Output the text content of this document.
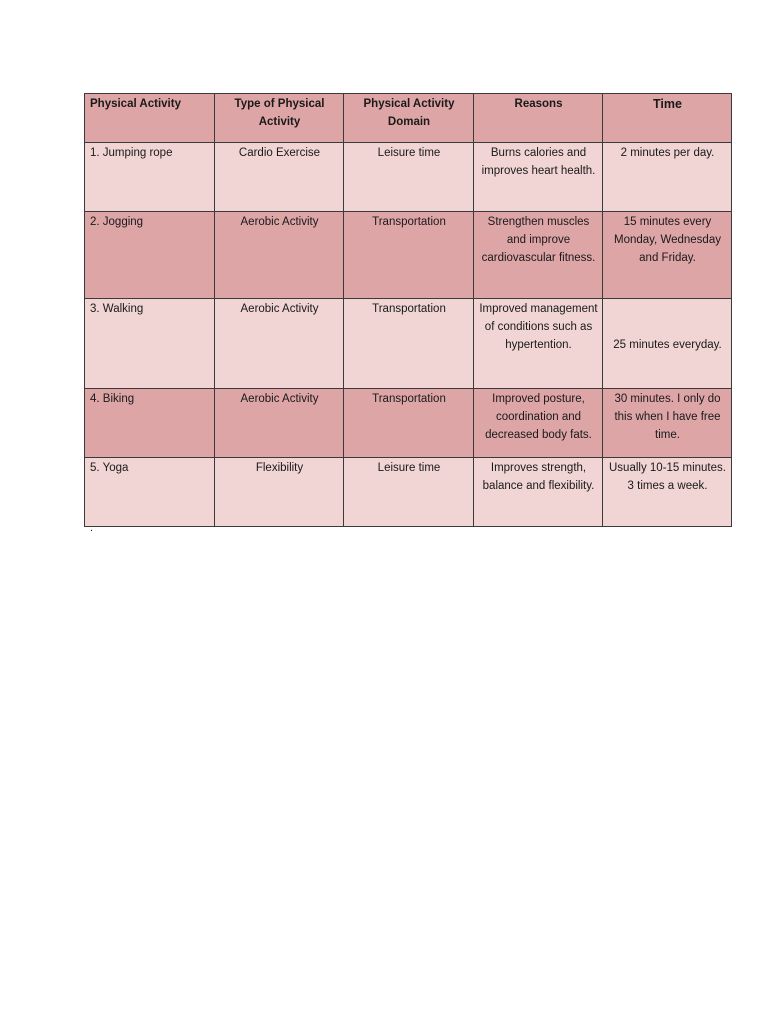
Physical Activity	Type of Physical Activity	Physical Activity Domain	Reasons	Time
1. Jumping rope	Cardio Exercise	Leisure time	Burns calories and improves heart health.	2 minutes per day.
2. Jogging	Aerobic Activity	Transportation	Strengthen muscles and improve cardiovascular fitness.	15 minutes every Monday, Wednesday and Friday.
3. Walking	Aerobic Activity	Transportation	Improved management of conditions such as hypertention.	25 minutes everyday.
4. Biking	Aerobic Activity	Transportation	Improved posture, coordination and decreased body fats.	30 minutes. I only do this when I have free time.
5. Yoga	Flexibility	Leisure time	Improves strength, balance and flexibility.	Usually 10-15 minutes. 3 times a week.
.
